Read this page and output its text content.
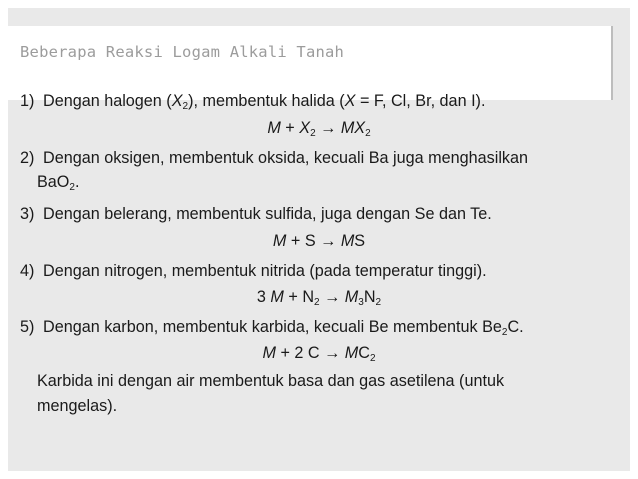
Beberapa Reaksi Logam Alkali Tanah
1) Dengan halogen $(X_2)$, membentuk halida (X = F, Cl, Br, dan I).
$M + X_2 \to MX_2$
2) Dengan oksigen, membentuk oksida, kecuali Ba juga menghasilkan
BaO$_2$.
3) Dengan belerang, membentuk sulfida, juga dengan Se dan Te.
M + S → MS
4) Dengan nitrogen, membentuk nitrida (pada temperatur tinggi).
3 $M + N_2 \to M_3N_2$
5) Dengan karbon, membentuk karbida, kecuali Be membentuk $Be_2C$.
M + 2 $C \to MC_2$
Karbida ini dengan air membentuk basa dan gas asetilena (untuk
mengelas).
